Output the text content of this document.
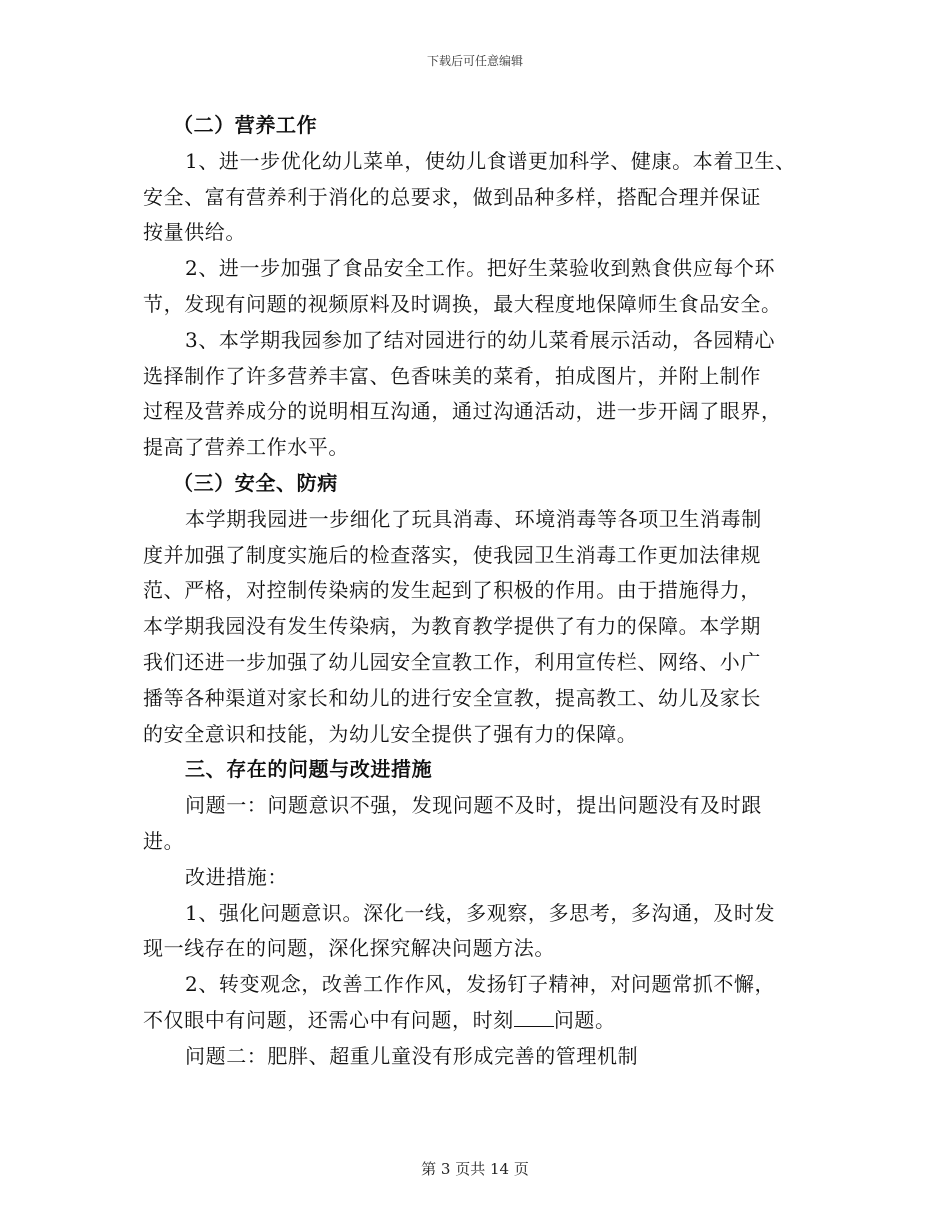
下载后可任意编辑
（二）营养工作
1、进一步优化幼儿菜单，使幼儿食谱更加科学、健康。本着卫生、
安全、富有营养利于消化的总要求，做到品种多样，搭配合理并保证
按量供给。
2、进一步加强了食品安全工作。把好生菜验收到熟食供应每个环
节，发现有问题的视频原料及时调换，最大程度地保障师生食品安全。
3、本学期我园参加了结对园进行的幼儿菜肴展示活动，各园精心
选择制作了许多营养丰富、色香味美的菜肴，拍成图片，并附上制作
过程及营养成分的说明相互沟通，通过沟通活动，进一步开阔了眼界，
提高了营养工作水平。
（三）安全、防病
本学期我园进一步细化了玩具消毒、环境消毒等各项卫生消毒制
度并加强了制度实施后的检查落实，使我园卫生消毒工作更加法律规
范、严格，对控制传染病的发生起到了积极的作用。由于措施得力，
本学期我园没有发生传染病，为教育教学提供了有力的保障。本学期
我们还进一步加强了幼儿园安全宣教工作，利用宣传栏、网络、小广
播等各种渠道对家长和幼儿的进行安全宣教，提高教工、幼儿及家长
的安全意识和技能，为幼儿安全提供了强有力的保障。
三、存在的问题与改进措施
问题一：问题意识不强，发现问题不及时，提出问题没有及时跟
进。
改进措施：
1、强化问题意识。深化一线，多观察，多思考，多沟通，及时发
现一线存在的问题，深化探究解决问题方法。
2、转变观念，改善工作作风，发扬钉子精神，对问题常抓不懈，
不仅眼中有问题，还需心中有问题，时刻 问题。
问题二：肥胖、超重儿童没有形成完善的管理机制
第 3 页共 14 页
